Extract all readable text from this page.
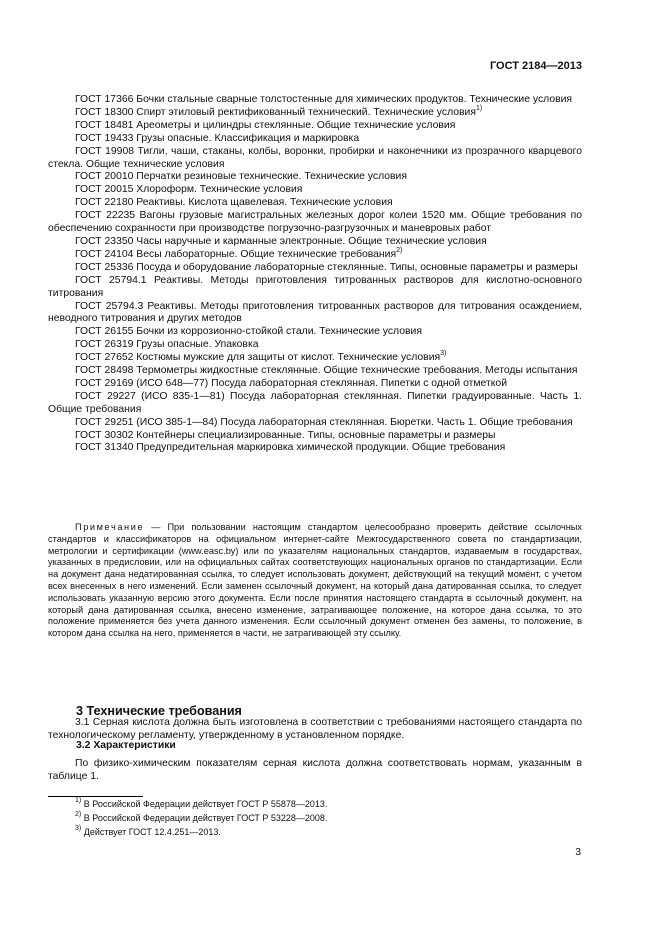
ГОСТ 2184—2013

ГОСТ 17366 Бочки стальные сварные толстостенные для химических продуктов. Технические условия

ГОСТ 18300 Спирт этиловый ректификованный технический. Технические условия$^{1)}$

ГОСТ 18481 Ареометры и цилиндры стеклянные. Общие технические условия

ГОСТ 19433 Грузы опасные. Классификация и маркировка

ГОСТ 19908 Тигли, чаши, стаканы, колбы, воронки, пробирки и наконечники из прозрачного кварцевого стекла. Общие технические условия

ГОСТ 20010 Перчатки резиновые технические. Технические условия

ГОСТ 20015 Хлороформ. Технические условия

ГОСТ 22180 Реактивы. Кислота щавелевая. Технические условия

ГОСТ 22235 Вагоны грузовые магистральных железных дорог колеи 1520 мм. Общие требования по обеспечению сохранности при производстве погрузочно-разгрузочных и маневровых работ

ГОСТ 23350 Часы наручные и карманные электронные. Общие технические условия

ГОСТ 24104 Весы лабораторные. Общие технические требования$^{2)}$

ГОСТ 25336 Посуда и оборудование лабораторные стеклянные. Типы, основные параметры и размеры

ГОСТ 25794.1 Реактивы. Методы приготовления титрованных растворов для кислотно-основного титрования

ГОСТ 25794.3 Реактивы. Методы приготовления титрованных растворов для титрования осаждением, неводного титрования и других методов

ГОСТ 26155 Бочки из коррозионно-стойкой стали. Технические условия

ГОСТ 26319 Грузы опасные. Упаковка

ГОСТ 27652 Костюмы мужские для защиты от кислот. Технические условия$^{3)}$

ГОСТ 28498 Термометры жидкостные стеклянные. Общие технические требования. Методы испытания

ГОСТ 29169 (ИСО 648—77) Посуда лабораторная стеклянная. Пипетки с одной отметкой

ГОСТ 29227 (ИСО 835-1—81) Посуда лабораторная стеклянная. Пипетки градуированные. Часть 1. Общие требования

ГОСТ 29251 (ИСО 385-1—84) Посуда лабораторная стеклянная. Бюретки. Часть 1. Общие требования

ГОСТ 30302 Контейнеры специализированные. Типы, основные параметры и размеры

ГОСТ 31340 Предупредительная маркировка химической продукции. Общие требования

Примечание — При пользовании настоящим стандартом целесообразно проверить действие ссылочных стандартов и классификаторов на официальном интернет-сайте Межгосударственного совета по стандартизации, метрологии и сертификации (www.easc.by) или по указателям национальных стандартов, издаваемым в государствах, указанных в предисловии, или на официальных сайтах соответствующих национальных органов по стандартизации. Если на документ дана недатированная ссылка, то следует использовать документ, действующий на текущий момент, с учетом всех внесенных в него изменений. Если заменен ссылочный документ, на который дана датированная ссылка, то следует использовать указанную версию этого документа. Если после принятия настоящего стандарта в ссылочный документ, на который дана датированная ссылка, внесено изменение, затрагивающее положение, на которое дана ссылка, то это положение применяется без учета данного изменения. Если ссылочный документ отменен без замены, то положение, в котором дана ссылка на него, применяется в части, не затрагивающей эту ссылку.
3 Технические требования
3.1 Серная кислота должна быть изготовлена в соответствии с требованиями настоящего стандарта по технологическому регламенту, утвержденному в установленном порядке.
3.2 Характеристики
По физико-химическим показателям серная кислота должна соответствовать нормам, указанным в таблице 1.
$^{1)}$ В Российской Федерации действует ГОСТ Р 55878—2013.
$^{2)}$ В Российской Федерации действует ГОСТ Р 53228—2008.
$^{3)}$ Действует ГОСТ 12.4.251—2013.
3
